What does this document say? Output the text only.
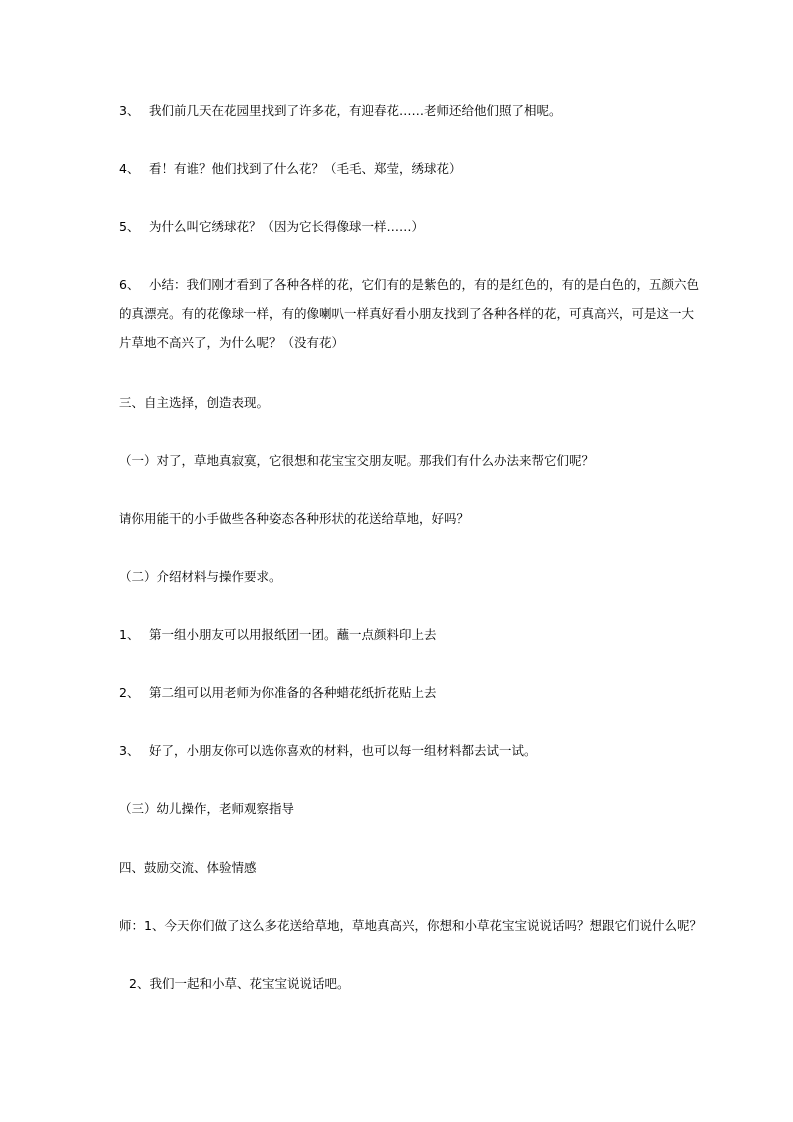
3、 我们前几天在花园里找到了许多花，有迎春花……老师还给他们照了相呢。
4、 看！有谁？他们找到了什么花？（毛毛、郑莹，绣球花）
5、 为什么叫它绣球花？（因为它长得像球一样……）
6、 小结：我们刚才看到了各种各样的花，它们有的是紫色的，有的是红色的，有的是白色的，五颜六色
的真漂亮。有的花像球一样，有的像喇叭一样真好看小朋友找到了各种各样的花，可真高兴，可是这一大
片草地不高兴了，为什么呢？（没有花）
三、自主选择，创造表现。
（一）对了，草地真寂寞，它很想和花宝宝交朋友呢。那我们有什么办法来帮它们呢？
请你用能干的小手做些各种姿态各种形状的花送给草地，好吗？
（二）介绍材料与操作要求。
1、 第一组小朋友可以用报纸团一团。蘸一点颜料印上去
2、 第二组可以用老师为你准备的各种蜡花纸折花贴上去
3、 好了，小朋友你可以选你喜欢的材料，也可以每一组材料都去试一试。
（三）幼儿操作，老师观察指导
四、鼓励交流、体验情感
师：1、今天你们做了这么多花送给草地，草地真高兴，你想和小草花宝宝说说话吗？想跟它们说什么呢？
2、我们一起和小草、花宝宝说说话吧。
